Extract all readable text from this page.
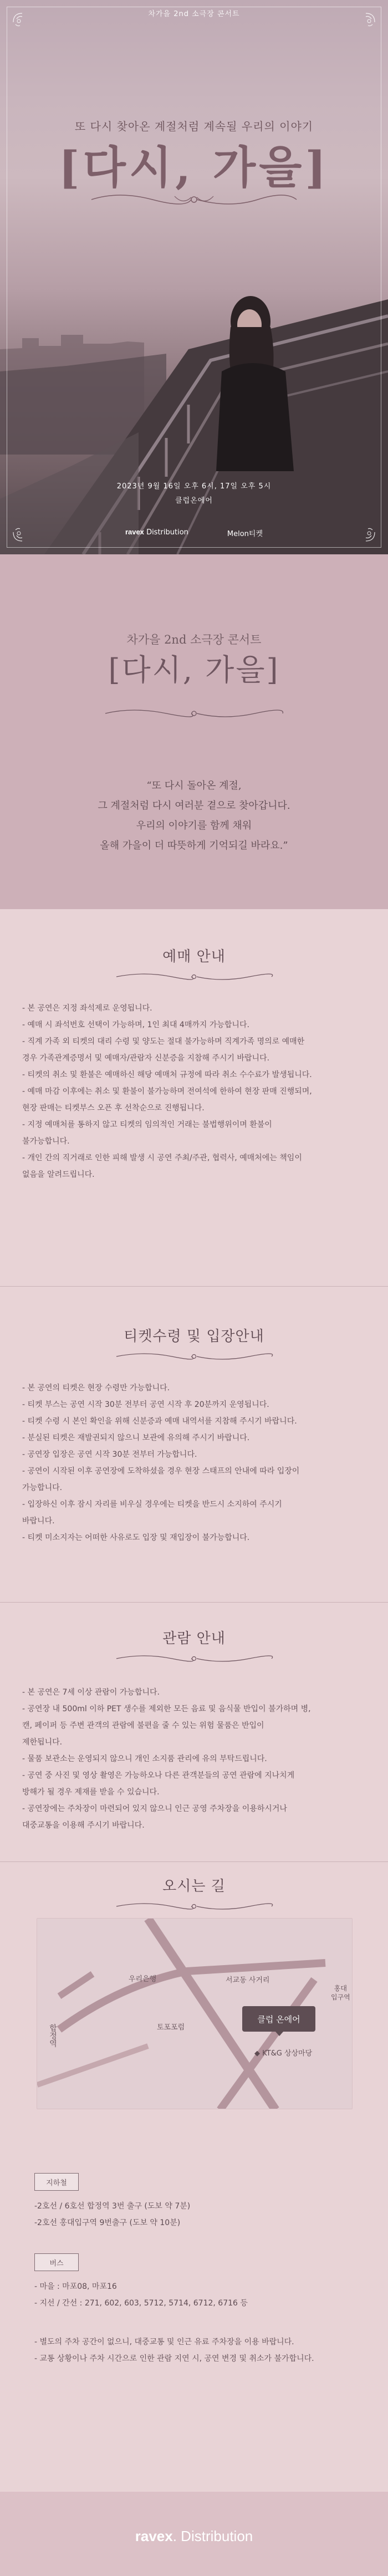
차가을 2nd 소극장 콘서트
또 다시 찾아온 계절처럼 계속될 우리의 이야기
[다시, 가을]
2023년 9월 16일 오후 6시, 17일 오후 5시
클럽온에어
ravex Distribution	Melon티켓
차가을 2nd 소극장 콘서트
[다시, 가을]
“또 다시 돌아온 계절,
그 계절처럼 다시 여러분 곁으로 찾아갑니다.
우리의 이야기를 함께 채워
올해 가을이 더 따뜻하게 기억되길 바라요.”
예매 안내
- 본 공연은 지정 좌석제로 운영됩니다.
- 예매 시 좌석번호 선택이 가능하며, 1인 최대 4매까지 가능합니다.
- 직계 가족 외 티켓의 대리 수령 및 양도는 절대 불가능하며 직계가족 명의로 예매한
경우 가족관계증명서 및 예매자/관람자 신분증을 지참해 주시기 바랍니다.
- 티켓의 취소 및 환불은 예매하신 해당 예매처 규정에 따라 취소 수수료가 발생됩니다.
- 예매 마감 이후에는 취소 및 환불이 불가능하며 전여석에 한하여 현장 판매 진행되며,
현장 판매는 티켓부스 오픈 후 선착순으로 진행됩니다.
- 지정 예매처를 통하지 않고 티켓의 임의적인 거래는 불법행위이며 환불이
불가능합니다.
- 개인 간의 직거래로 인한 피해 발생 시 공연 주최/주관, 협력사, 예매처에는 책임이
없음을 알려드립니다.
티켓수령 및 입장안내
- 본 공연의 티켓은 현장 수령만 가능합니다.
- 티켓 부스는 공연 시작 30분 전부터 공연 시작 후 20분까지 운영됩니다.
- 티켓 수령 시 본인 확인을 위해 신분증과 예매 내역서를 지참해 주시기 바랍니다.
- 분실된 티켓은 재발권되지 않으니 보관에 유의해 주시기 바랍니다.
- 공연장 입장은 공연 시작 30분 전부터 가능합니다.
- 공연이 시작된 이후 공연장에 도착하셨을 경우 현장 스태프의 안내에 따라 입장이
가능합니다.
- 입장하신 이후 잠시 자리를 비우실 경우에는 티켓을 반드시 소지하여 주시기
바랍니다.
- 티켓 미소지자는 어떠한 사유로도 입장 및 재입장이 불가능합니다.
관람 안내
- 본 공연은 7세 이상 관람이 가능합니다.
- 공연장 내 500ml 이하 PET 생수를 제외한 모든 음료 및 음식물 반입이 불가하며 병,
캔, 페이퍼 등 주변 관객의 관람에 불편을 줄 수 있는 위험 물품은 반입이
제한됩니다.
- 물품 보관소는 운영되지 않으니 개인 소지품 관리에 유의 부탁드립니다.
- 공연 중 사진 및 영상 촬영은 가능하오나 다른 관객분들의 공연 관람에 지나치게
방해가 될 경우 제재를 받을 수 있습니다.
- 공연장에는 주차장이 마련되어 있지 않으니 인근 공영 주차장을 이용하시거나
대중교통을 이용해 주시기 바랍니다.
오시는 길
합정역
홍대
입구역
우리은행	서교동 사거리
토포포럼
클럽 온에어
◆ KT&G 상상마당
지하철
-2호선 / 6호선 합정역 3번 출구 (도보 약 7분)
-2호선 홍대입구역 9번출구 (도보 약 10분)
버스
- 마을 : 마포08, 마포16
- 지선 / 간선 : 271, 602, 603, 5712, 5714, 6712, 6716 등
- 별도의 주차 공간이 없으니, 대중교통 및 인근 유료 주차장을 이용 바랍니다.
- 교통 상황이나 주차 시간으로 인한 관람 지연 시, 공연 변경 및 취소가 불가합니다.
ravex. Distribution
